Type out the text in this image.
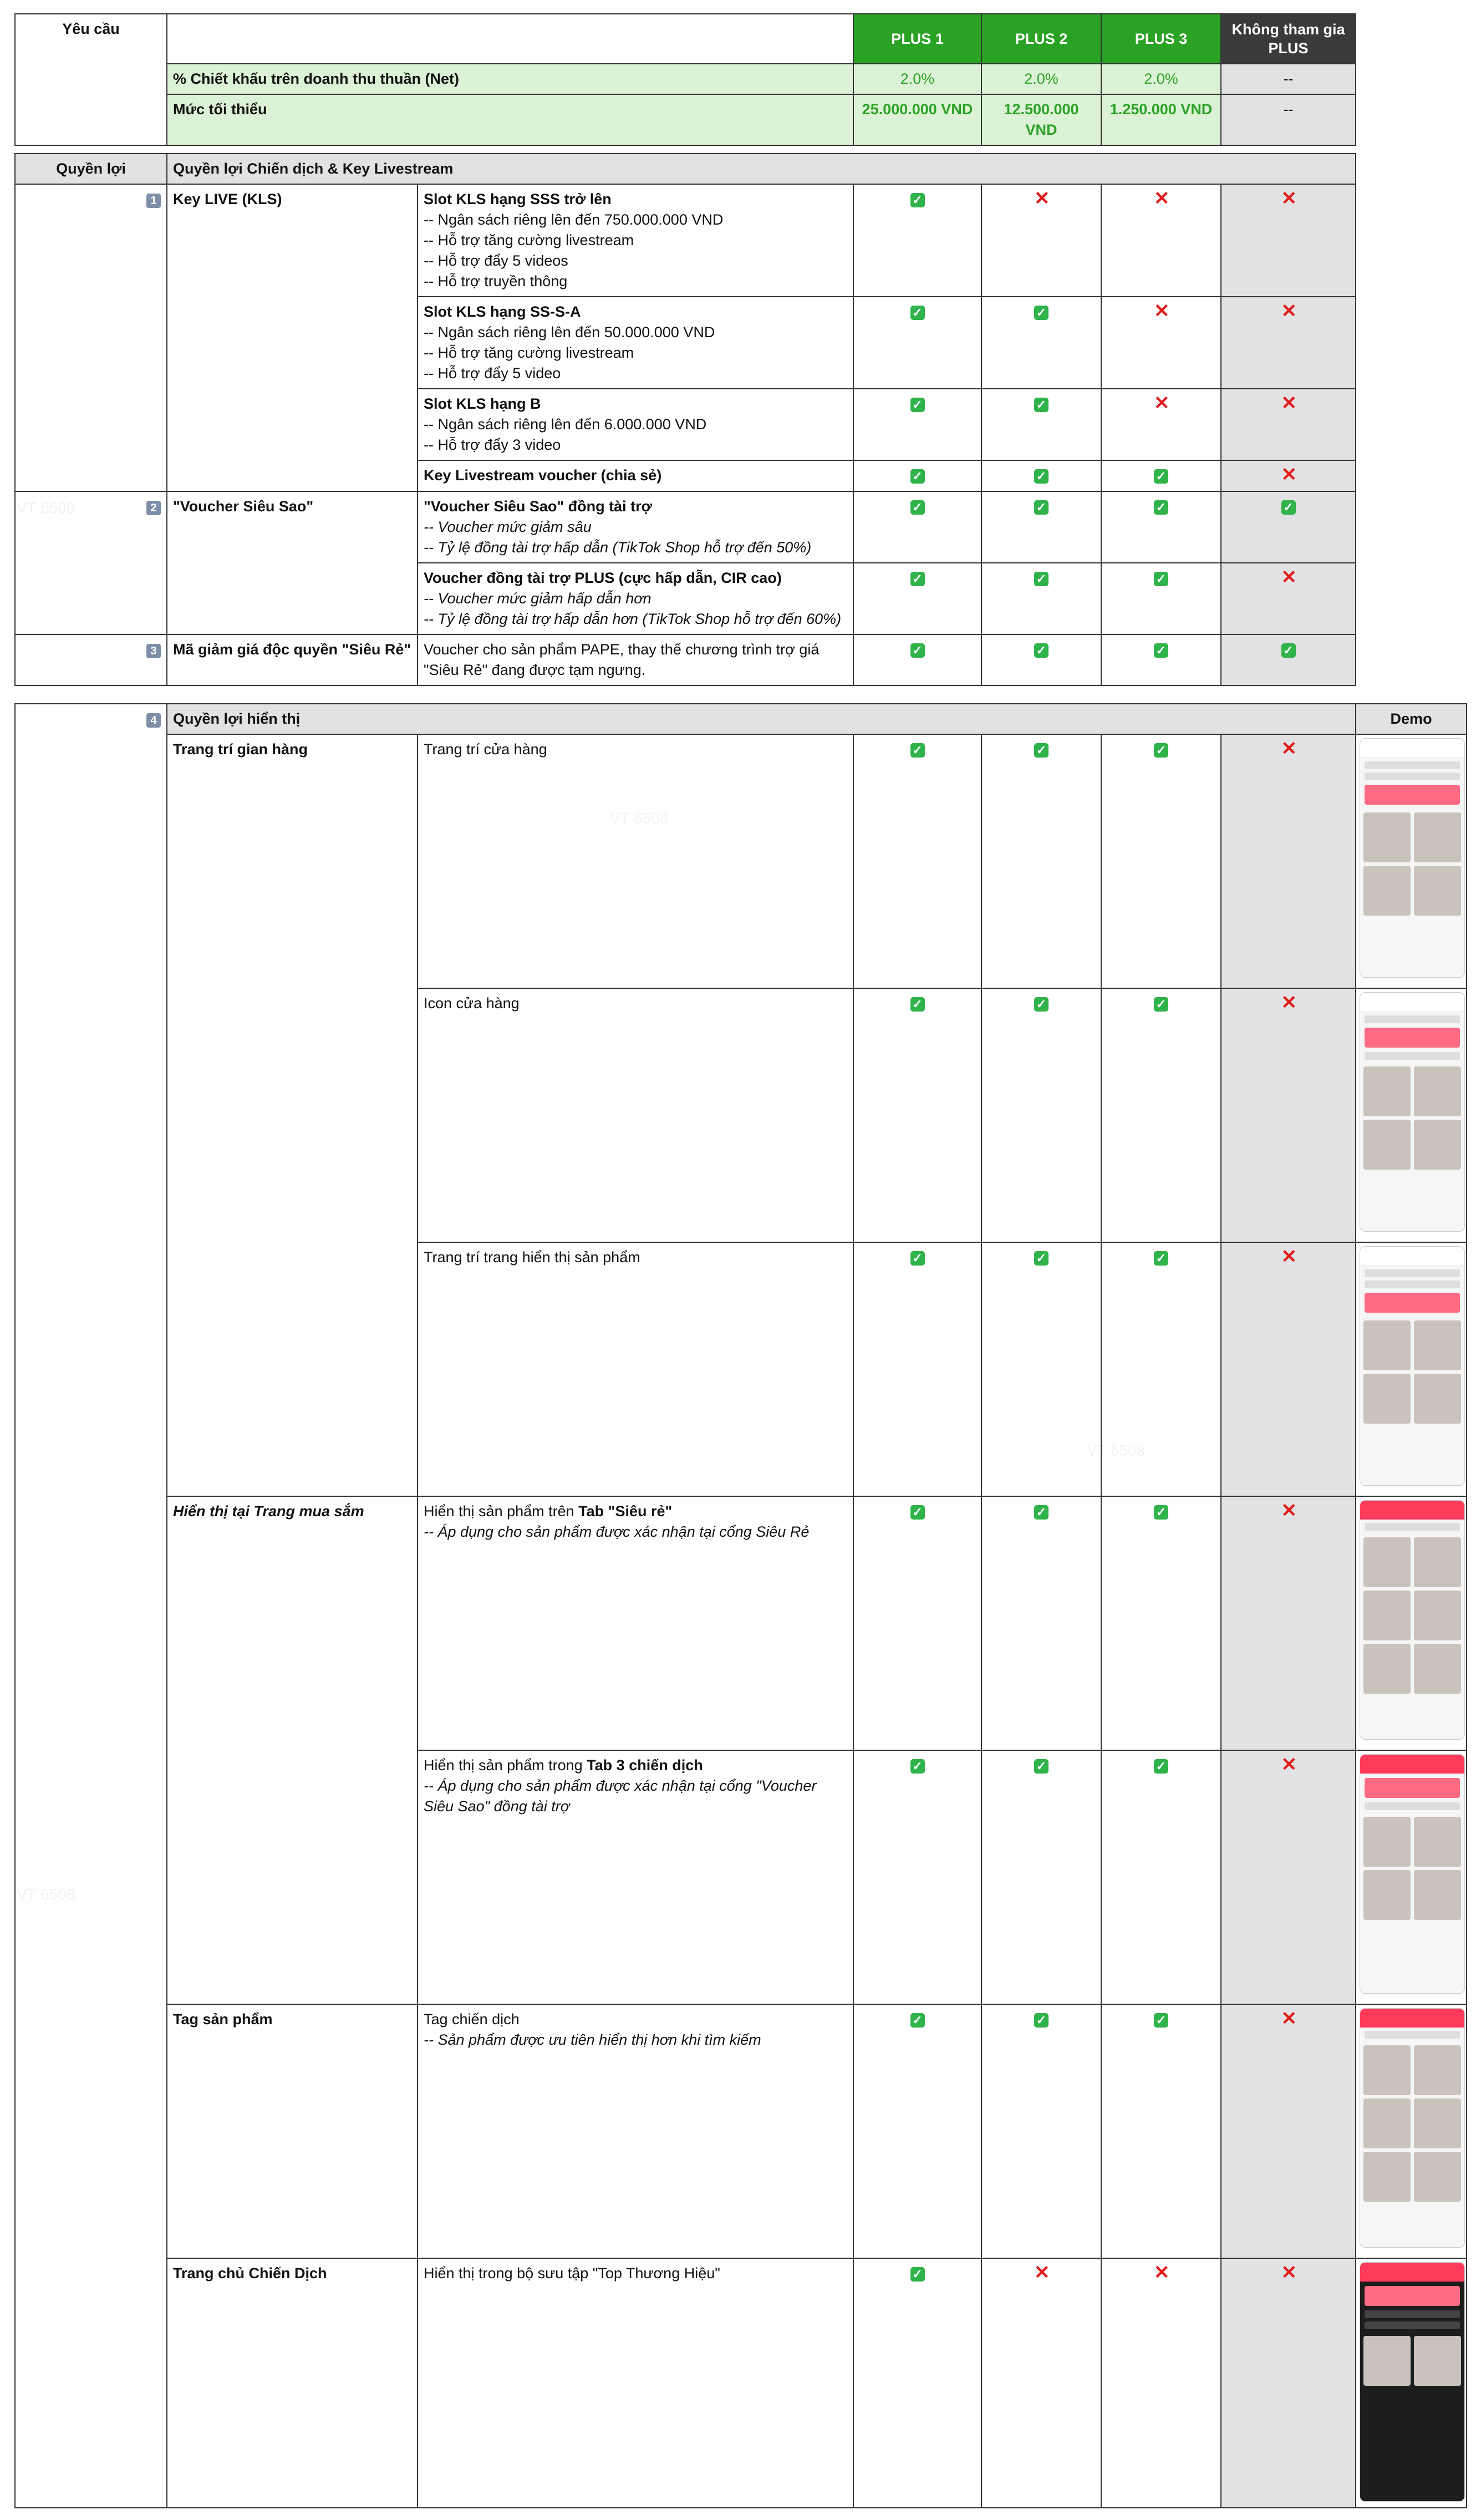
Yêu cầu		PLUS 1	PLUS 2	PLUS 3	Không tham gia PLUS
	% Chiết khấu trên doanh thu thuần (Net)	2.0%	2.0%	2.0%	--
	Mức tối thiểu	25.000.000 VND	12.500.000 VND	1.250.000 VND	--
Quyền lợi	Quyền lợi Chiến dịch & Key Livestream					
1	Key LIVE (KLS)	Slot KLS hạng SSS trở lên
-- Ngân sách riêng lên đến 750.000.000 VND
-- Hỗ trợ tăng cường livestream
-- Hỗ trợ đẩy 5 videos
-- Hỗ trợ truyền thông	✓	✕	✕	✕

		Slot KLS hạng SS-S-A
-- Ngân sách riêng lên đến 50.000.000 VND
-- Hỗ trợ tăng cường livestream
-- Hỗ trợ đẩy 5 video	✓	✓	✕	✕

		Slot KLS hạng B
-- Ngân sách riêng lên đến 6.000.000 VND
-- Hỗ trợ đẩy 3 video	✓	✓	✕	✕

		Key Livestream voucher (chia sẻ)	✓	✓	✓	✕
2	"Voucher Siêu Sao"	"Voucher Siêu Sao" đồng tài trợ
-- Voucher mức giảm sâu
-- Tỷ lệ đồng tài trợ hấp dẫn (TikTok Shop hỗ trợ đến 50%)	✓	✓	✓	✓

		Voucher đồng tài trợ PLUS (cực hấp dẫn, CIR cao)
-- Voucher mức giảm hấp dẫn hơn
-- Tỷ lệ đồng tài trợ hấp dẫn hơn (TikTok Shop hỗ trợ đến 60%)	✓	✓	✓	✕
3	Mã giảm giá độc quyền "Siêu Rẻ"	Voucher cho sản phẩm PAPE, thay thế chương trình trợ giá "Siêu Rẻ" đang được tạm ngưng.	✓	✓	✓	✓
4	Quyền lợi hiển thị						Demo
	Trang trí gian hàng	Trang trí cửa hàng	✓	✓	✓	✕	

		Icon cửa hàng	✓	✓	✓	✕	

		Trang trí trang hiển thị sản phẩm	✓	✓	✓	✕	

	Hiển thị tại Trang mua sắm	Hiển thị sản phẩm trên Tab "Siêu rẻ"
-- Áp dụng cho sản phẩm được xác nhận tại cổng Siêu Rẻ	✓	✓	✓	✕	

		Hiển thị sản phẩm trong Tab 3 chiến dịch
-- Áp dụng cho sản phẩm được xác nhận tại cổng "Voucher Siêu Sao" đồng tài trợ	✓	✓	✓	✕	

	Tag sản phẩm	Tag chiến dịch
-- Sản phẩm được ưu tiên hiển thị hơn khi tìm kiếm	✓	✓	✓	✕	

	Trang chủ Chiến Dịch	Hiển thị trong bộ sưu tập "Top Thương Hiệu"	✓	✕	✕	✕	
VT 6508
VT 6508
VT 6508
VT 6508
